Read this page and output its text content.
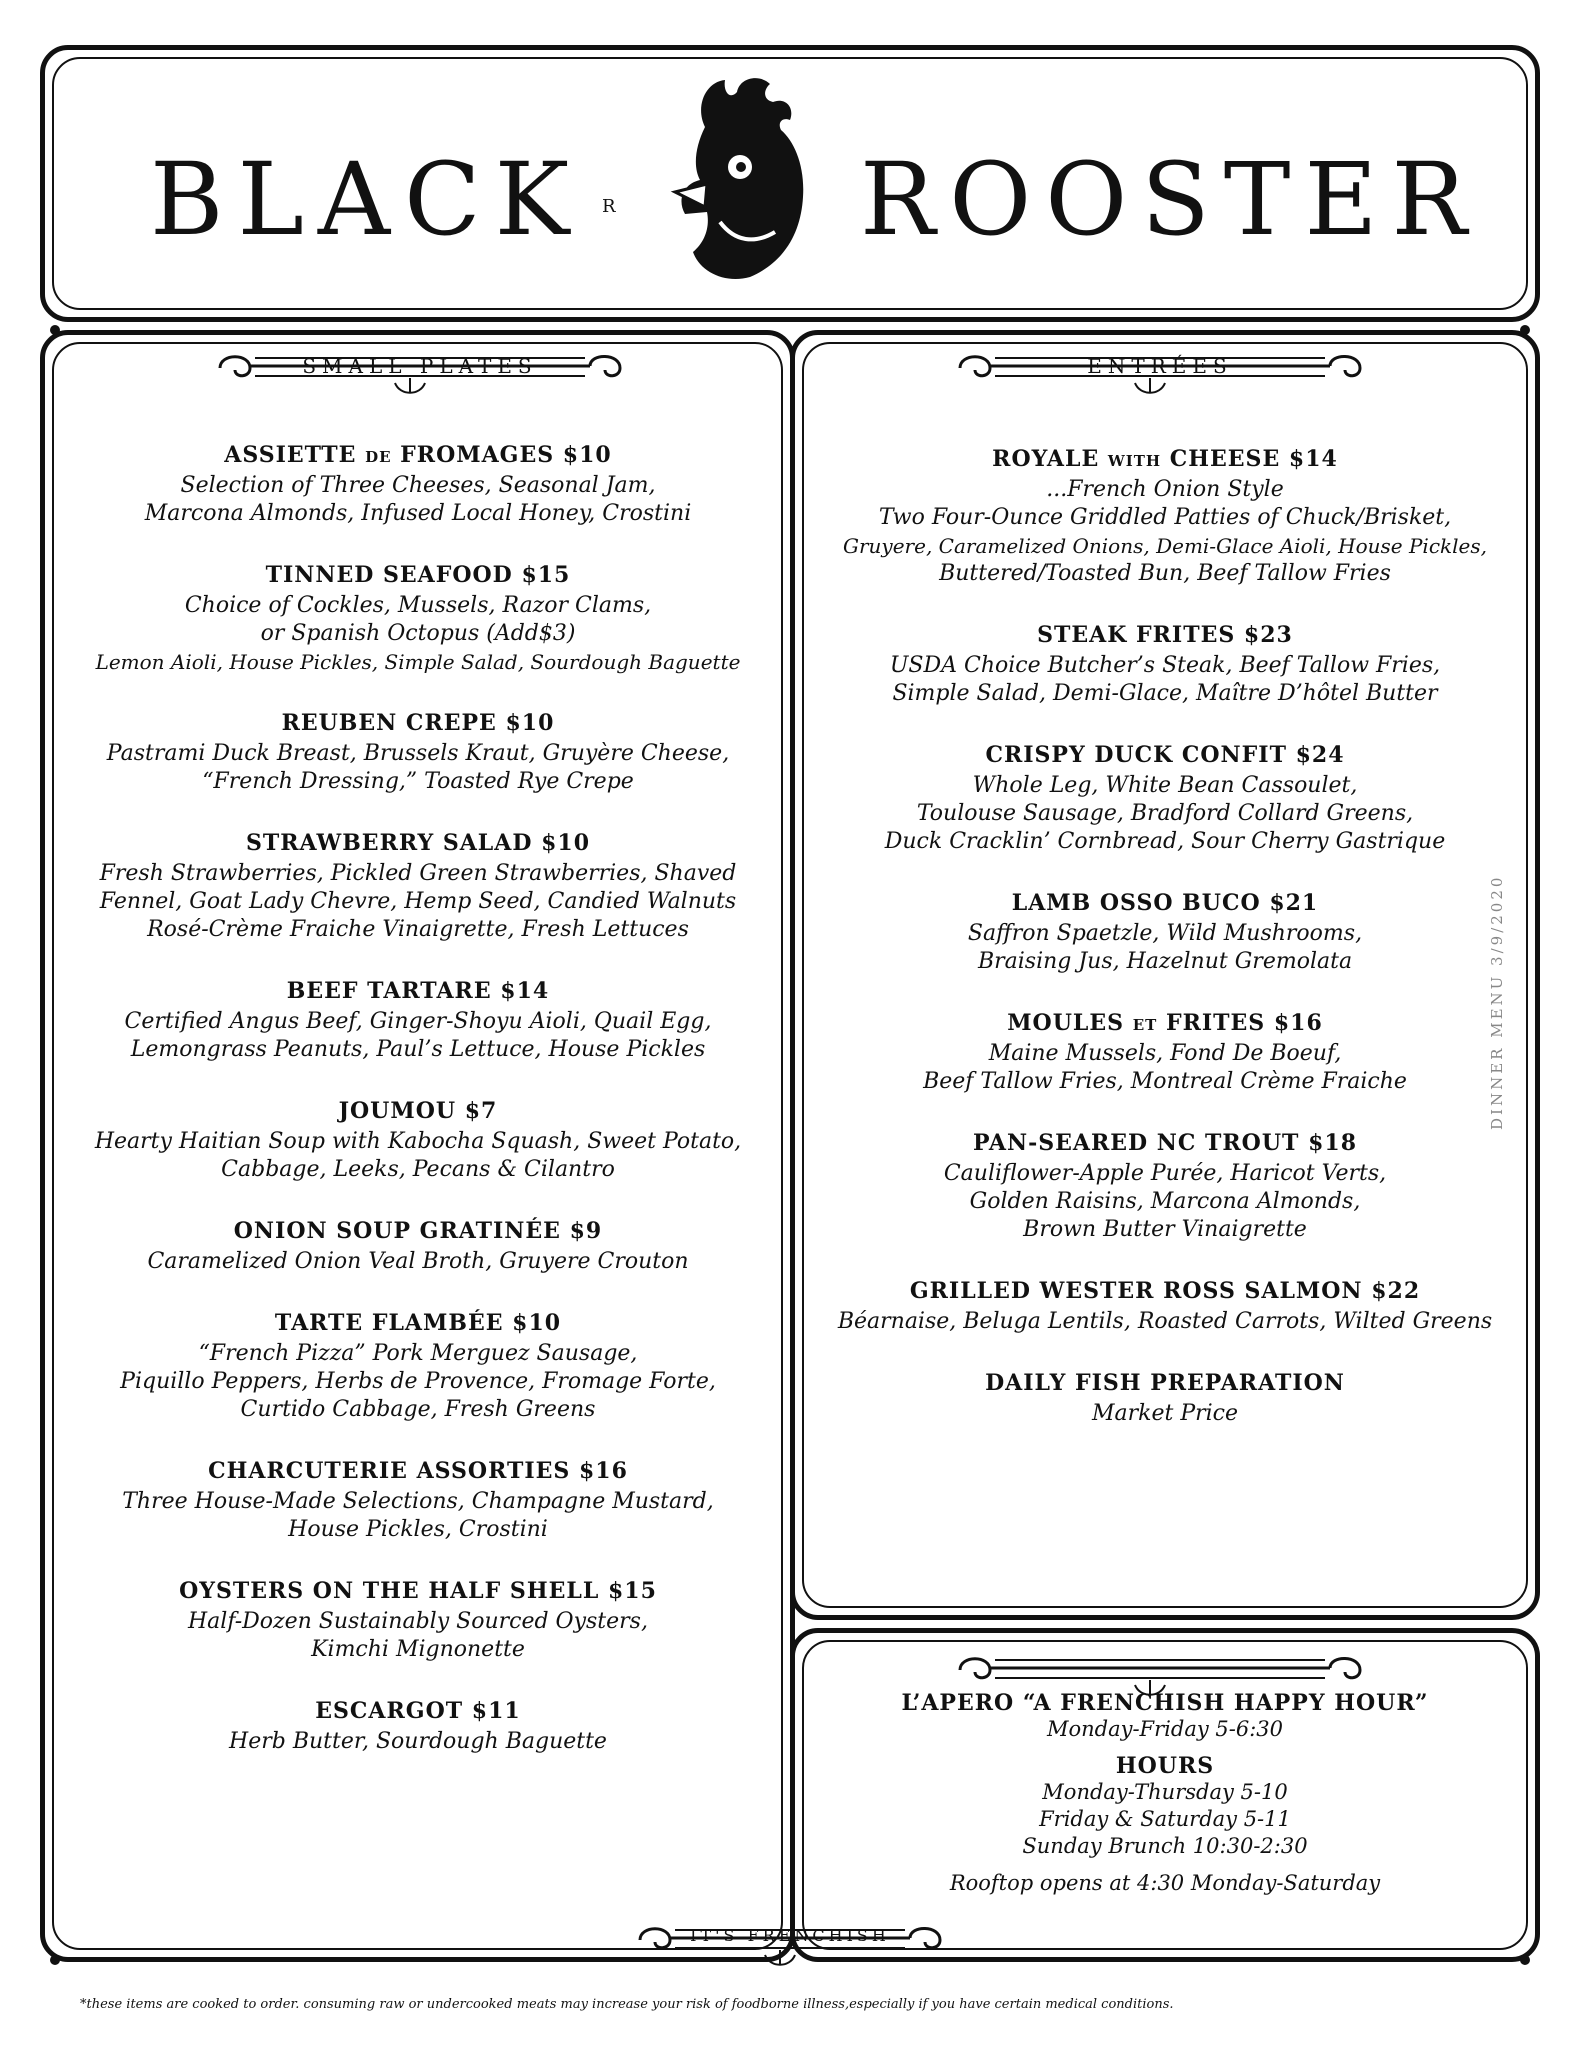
BLACK R ROOSTER
SMALL PLATES	ENTRÉES
IT'S FRENCHISH
ASSIETTE de FROMAGES $10
Selection of Three Cheeses, Seasonal Jam,
Marcona Almonds, Infused Local Honey, Crostini
TINNED SEAFOOD $15
Choice of Cockles, Mussels, Razor Clams,
or Spanish Octopus (Add$3)
Lemon Aioli, House Pickles, Simple Salad, Sourdough Baguette
REUBEN CREPE $10
Pastrami Duck Breast, Brussels Kraut, Gruyère Cheese,
“French Dressing,” Toasted Rye Crepe
STRAWBERRY SALAD $10
Fresh Strawberries, Pickled Green Strawberries, Shaved
Fennel, Goat Lady Chevre, Hemp Seed, Candied Walnuts
Rosé-Crème Fraiche Vinaigrette, Fresh Lettuces
BEEF TARTARE $14
Certified Angus Beef, Ginger-Shoyu Aioli, Quail Egg,
Lemongrass Peanuts, Paul’s Lettuce, House Pickles
JOUMOU $7
Hearty Haitian Soup with Kabocha Squash, Sweet Potato,
Cabbage, Leeks, Pecans & Cilantro
ONION SOUP GRATINÉE $9
Caramelized Onion Veal Broth, Gruyere Crouton
TARTE FLAMBÉE $10
“French Pizza” Pork Merguez Sausage,
Piquillo Peppers, Herbs de Provence, Fromage Forte,
Curtido Cabbage, Fresh Greens
CHARCUTERIE ASSORTIES $16
Three House-Made Selections, Champagne Mustard,
House Pickles, Crostini
OYSTERS ON THE HALF SHELL $15
Half-Dozen Sustainably Sourced Oysters,
Kimchi Mignonette
ESCARGOT $11
Herb Butter, Sourdough Baguette
ROYALE with CHEESE $14
...French Onion Style
Two Four-Ounce Griddled Patties of Chuck/Brisket,
Gruyere, Caramelized Onions, Demi-Glace Aioli, House Pickles,
Buttered/Toasted Bun, Beef Tallow Fries
STEAK FRITES $23
USDA Choice Butcher’s Steak, Beef Tallow Fries,
Simple Salad, Demi-Glace, Maître D’hôtel Butter
CRISPY DUCK CONFIT $24
Whole Leg, White Bean Cassoulet,
Toulouse Sausage, Bradford Collard Greens,
Duck Cracklin’ Cornbread, Sour Cherry Gastrique
LAMB OSSO BUCO $21
Saffron Spaetzle, Wild Mushrooms,
Braising Jus, Hazelnut Gremolata
MOULES et FRITES $16
Maine Mussels, Fond De Boeuf,
Beef Tallow Fries, Montreal Crème Fraiche
PAN-SEARED NC TROUT $18
Cauliflower-Apple Purée, Haricot Verts,
Golden Raisins, Marcona Almonds,
Brown Butter Vinaigrette
GRILLED WESTER ROSS SALMON $22
Béarnaise, Beluga Lentils, Roasted Carrots, Wilted Greens
DAILY FISH PREPARATION
Market Price
L’APERO “A FRENCHISH HAPPY HOUR”
Monday-Friday 5-6:30
HOURS
Monday-Thursday 5-10
Friday & Saturday 5-11
Sunday Brunch 10:30-2:30
Rooftop opens at 4:30 Monday-Saturday
DINNER MENU 3/9/2020
*these items are cooked to order. consuming raw or undercooked meats may increase your risk of foodborne illness,especially if you have certain medical conditions.
